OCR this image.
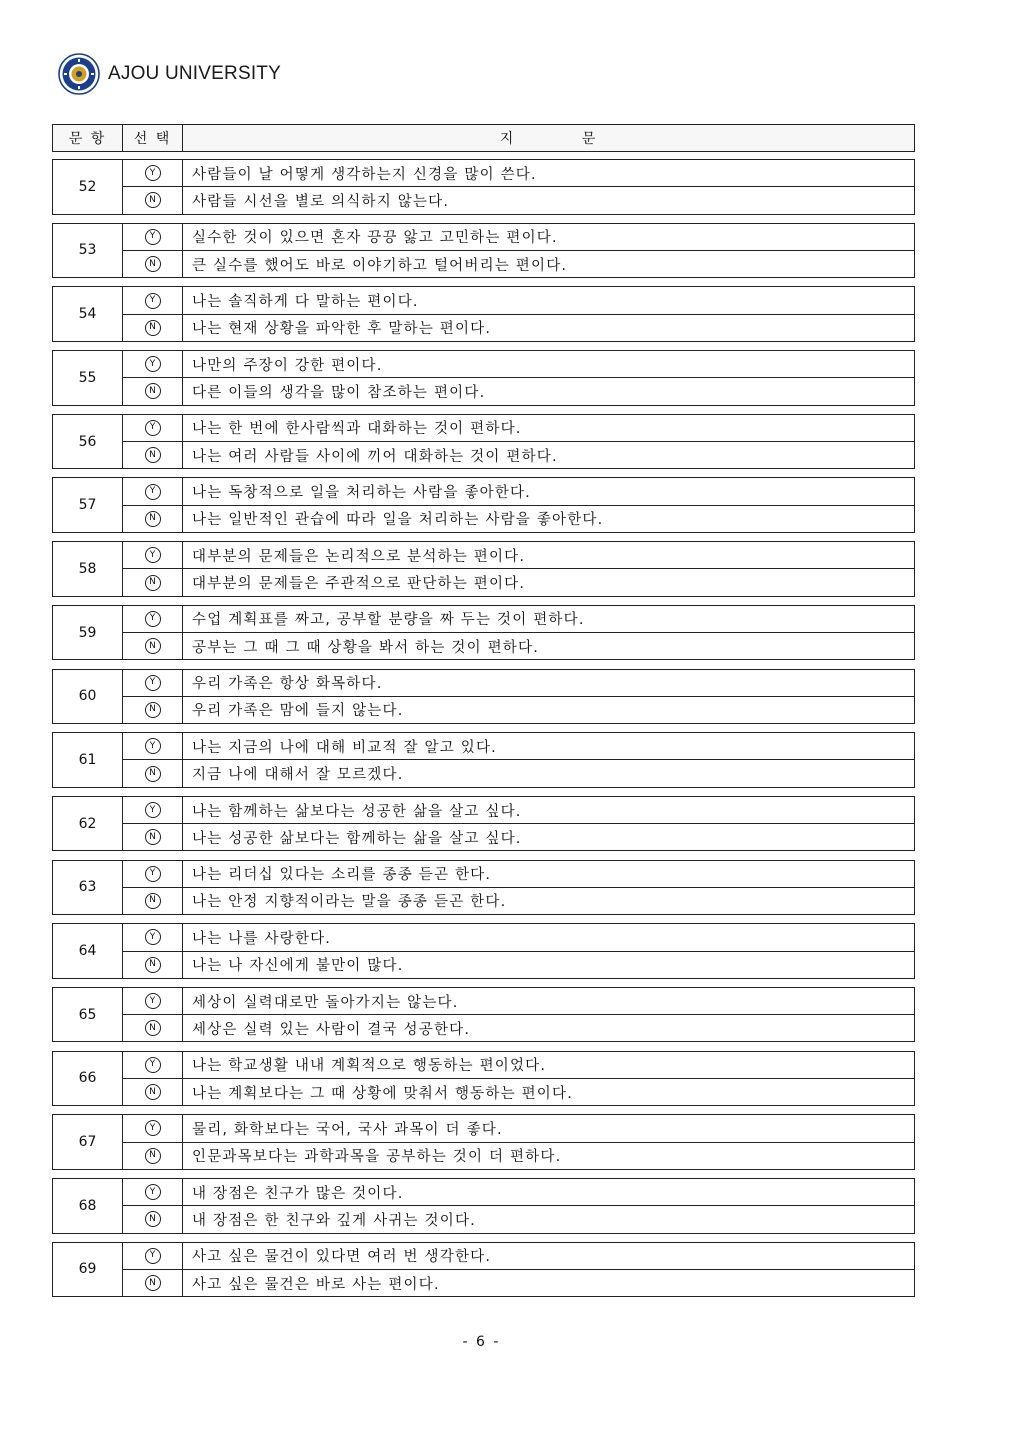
AJOU UNIVERSITY
문 항	선 택	지 문
52
Y	사람들이 날 어떻게 생각하는지 신경을 많이 쓴다.
N	사람들 시선을 별로 의식하지 않는다.
53
Y	실수한 것이 있으면 혼자 끙끙 앓고 고민하는 편이다.
N	큰 실수를 했어도 바로 이야기하고 털어버리는 편이다.
54
Y	나는 솔직하게 다 말하는 편이다.
N	나는 현재 상황을 파악한 후 말하는 편이다.
55
Y	나만의 주장이 강한 편이다.
N	다른 이들의 생각을 많이 참조하는 편이다.
56
Y	나는 한 번에 한사람씩과 대화하는 것이 편하다.
N	나는 여러 사람들 사이에 끼어 대화하는 것이 편하다.
57
Y	나는 독창적으로 일을 처리하는 사람을 좋아한다.
N	나는 일반적인 관습에 따라 일을 처리하는 사람을 좋아한다.
58
Y	대부분의 문제들은 논리적으로 분석하는 편이다.
N	대부분의 문제들은 주관적으로 판단하는 편이다.
59
Y	수업 계획표를 짜고, 공부할 분량을 짜 두는 것이 편하다.
N	공부는 그 때 그 때 상황을 봐서 하는 것이 편하다.
60
Y	우리 가족은 항상 화목하다.
N	우리 가족은 맘에 들지 않는다.
61
Y	나는 지금의 나에 대해 비교적 잘 알고 있다.
N	지금 나에 대해서 잘 모르겠다.
62
Y	나는 함께하는 삶보다는 성공한 삶을 살고 싶다.
N	나는 성공한 삶보다는 함께하는 삶을 살고 싶다.
63
Y	나는 리더십 있다는 소리를 종종 듣곤 한다.
N	나는 안정 지향적이라는 말을 종종 듣곤 한다.
64
Y	나는 나를 사랑한다.
N	나는 나 자신에게 불만이 많다.
65
Y	세상이 실력대로만 돌아가지는 않는다.
N	세상은 실력 있는 사람이 결국 성공한다.
66
Y	나는 학교생활 내내 계획적으로 행동하는 편이었다.
N	나는 계획보다는 그 때 상황에 맞춰서 행동하는 편이다.
67
Y	물리, 화학보다는 국어, 국사 과목이 더 좋다.
N	인문과목보다는 과학과목을 공부하는 것이 더 편하다.
68
Y	내 장점은 친구가 많은 것이다.
N	내 장점은 한 친구와 깊게 사귀는 것이다.
69
Y	사고 싶은 물건이 있다면 여러 번 생각한다.
N	사고 싶은 물건은 바로 사는 편이다.
- 6 -
